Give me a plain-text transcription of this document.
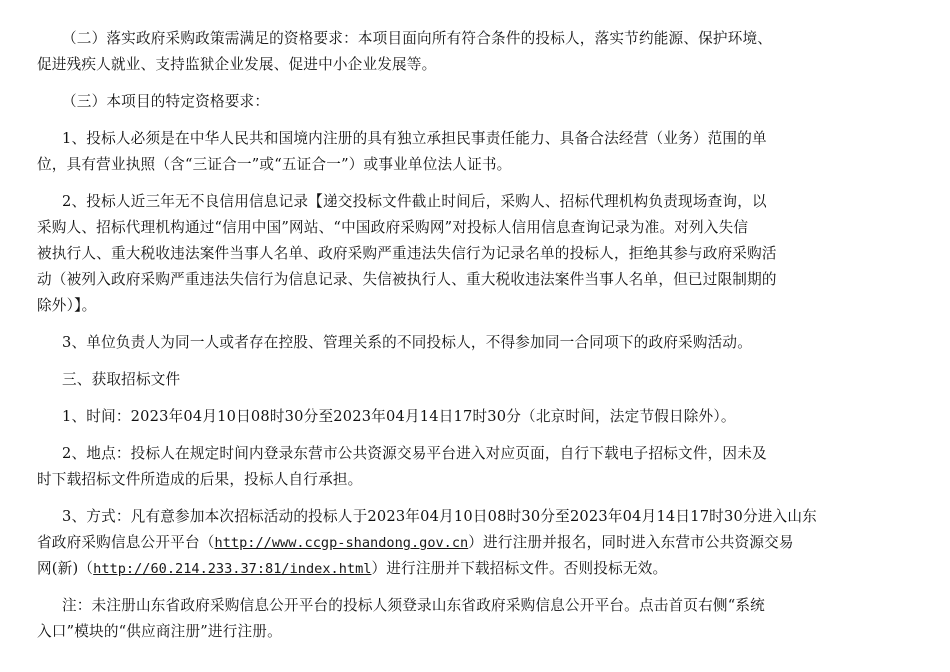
（二）落实政府采购政策需满足的资格要求：本项目面向所有符合条件的投标人，落实节约能源、保护环境、
促进残疾人就业、支持监狱企业发展、促进中小企业发展等。

（三）本项目的特定资格要求：

1、投标人必须是在中华人民共和国境内注册的具有独立承担民事责任能力、具备合法经营（业务）范围的单
位，具有营业执照（含“三证合一”或“五证合一”）或事业单位法人证书。

2、投标人近三年无不良信用信息记录【递交投标文件截止时间后，采购人、招标代理机构负责现场查询，以
采购人、招标代理机构通过“信用中国”网站、“中国政府采购网”对投标人信用信息查询记录为准。对列入失信
被执行人、重大税收违法案件当事人名单、政府采购严重违法失信行为记录名单的投标人，拒绝其参与政府采购活
动（被列入政府采购严重违法失信行为信息记录、失信被执行人、重大税收违法案件当事人名单，但已过限制期的
除外）】。

3、单位负责人为同一人或者存在控股、管理关系的不同投标人，不得参加同一合同项下的政府采购活动。

三、获取招标文件

1、时间：2023年04月10日08时30分至2023年04月14日17时30分（北京时间，法定节假日除外）。

2、地点：投标人在规定时间内登录东营市公共资源交易平台进入对应页面，自行下载电子招标文件，因未及
时下载招标文件所造成的后果，投标人自行承担。

3、方式：凡有意参加本次招标活动的投标人于2023年04月10日08时30分至2023年04月14日17时30分进入山东
省政府采购信息公开平台（http://www.ccgp-shandong.gov.cn）进行注册并报名，同时进入东营市公共资源交易
网(新)（http://60.214.233.37:81/index.html）进行注册并下载招标文件。否则投标无效。

注：未注册山东省政府采购信息公开平台的投标人须登录山东省政府采购信息公开平台。点击首页右侧“系统
入口”模块的“供应商注册”进行注册。
